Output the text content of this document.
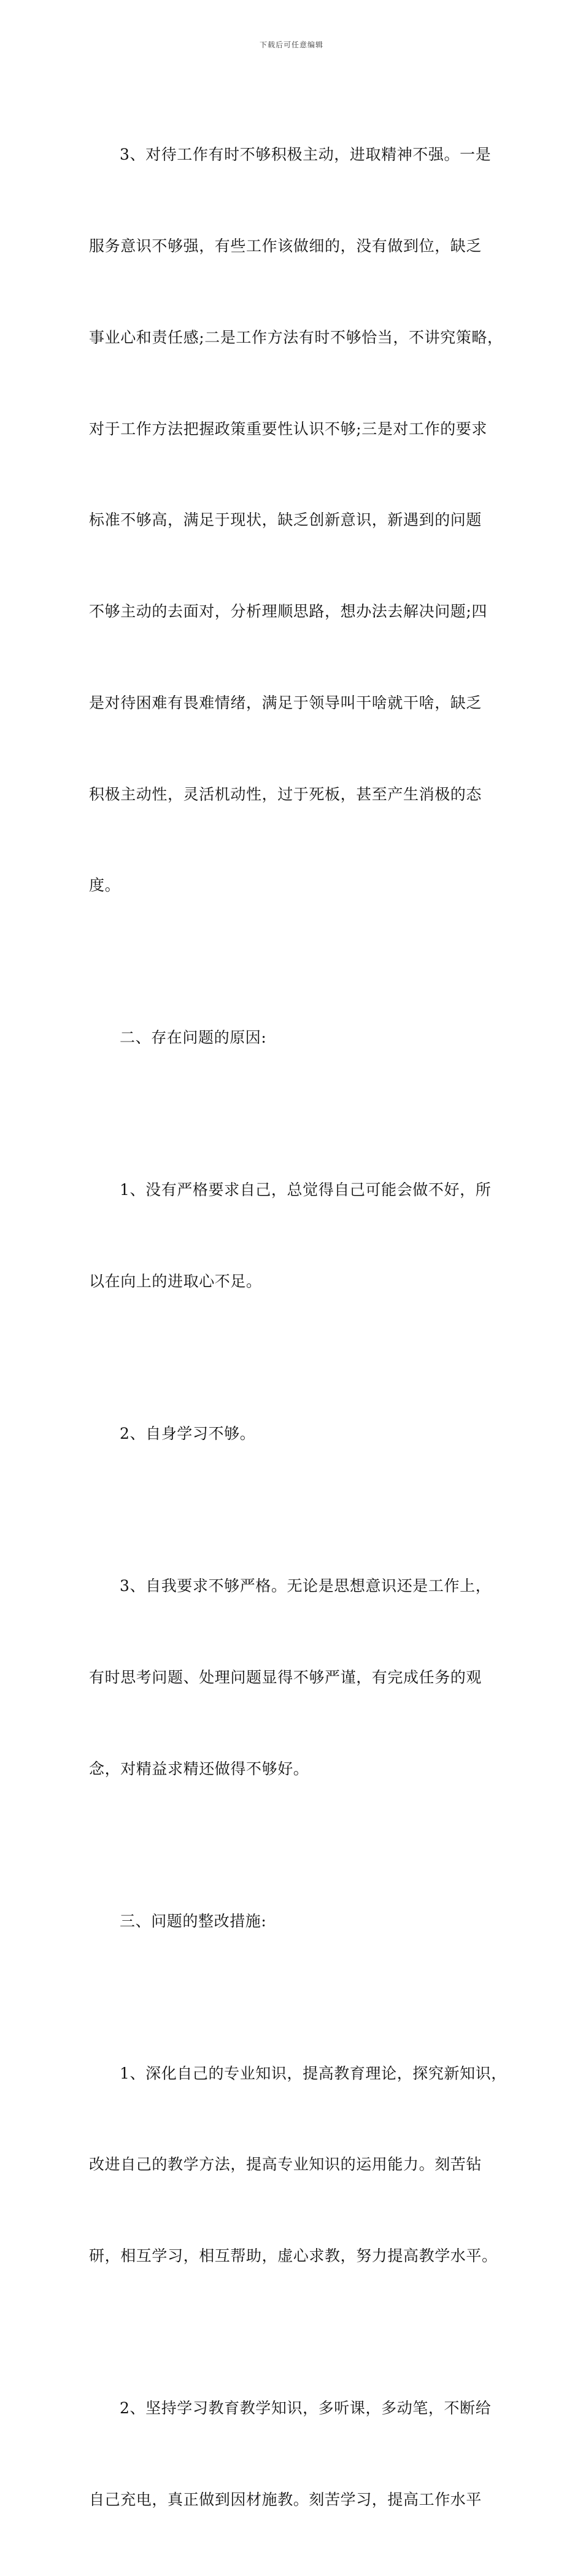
下载后可任意编辑

3、对待工作有时不够积极主动，进取精神不强。一是

服务意识不够强，有些工作该做细的，没有做到位，缺乏

事业心和责任感;二是工作方法有时不够恰当，不讲究策略，

对于工作方法把握政策重要性认识不够;三是对工作的要求

标准不够高，满足于现状，缺乏创新意识，新遇到的问题

不够主动的去面对，分析理顺思路，想办法去解决问题;四

是对待困难有畏难情绪，满足于领导叫干啥就干啥，缺乏

积极主动性，灵活机动性，过于死板，甚至产生消极的态

度。

二、存在问题的原因:

1、没有严格要求自己，总觉得自己可能会做不好，所

以在向上的进取心不足。

2、自身学习不够。

3、自我要求不够严格。无论是思想意识还是工作上，

有时思考问题、处理问题显得不够严谨，有完成任务的观

念，对精益求精还做得不够好。

三、问题的整改措施:

1、深化自己的专业知识，提高教育理论，探究新知识，

改进自己的教学方法，提高专业知识的运用能力。刻苦钻

研，相互学习，相互帮助，虚心求教，努力提高教学水平。

2、坚持学习教育教学知识，多听课，多动笔，不断给

自己充电，真正做到因材施教。刻苦学习，提高工作水平
